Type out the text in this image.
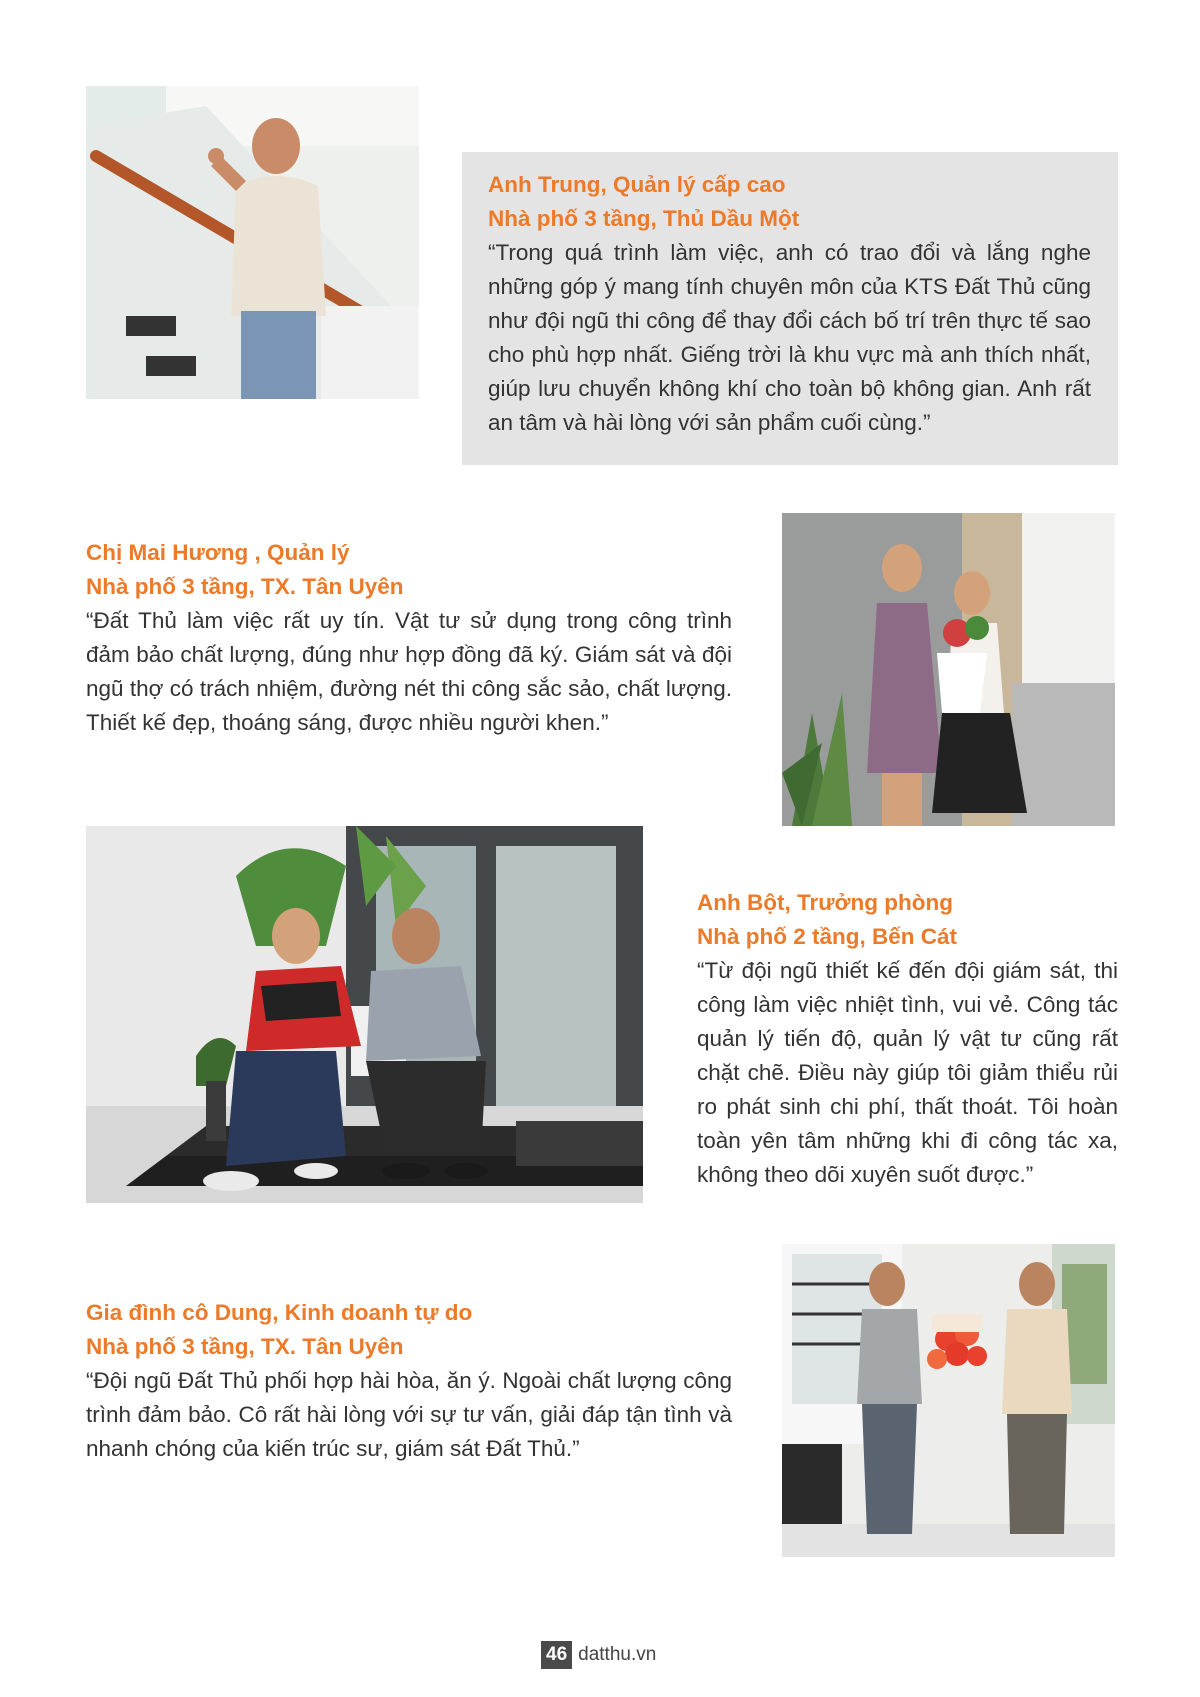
Anh Trung, Quản lý cấp cao
Nhà phố 3 tầng, Thủ Dầu Một
“Trong quá trình làm việc, anh có trao đổi và lắng nghe những góp ý mang tính chuyên môn của KTS Đất Thủ cũng như đội ngũ thi công để thay đổi cách bố trí trên thực tế sao cho phù hợp nhất. Giếng trời là khu vực mà anh thích nhất, giúp lưu chuyển không khí cho toàn bộ không gian. Anh rất an tâm và hài lòng với sản phẩm cuối cùng.”
Chị Mai Hương , Quản lý
Nhà phố 3 tầng, TX. Tân Uyên
“Đất Thủ làm việc rất uy tín. Vật tư sử dụng trong công trình đảm bảo chất lượng, đúng như hợp đồng đã ký. Giám sát và đội ngũ thợ có trách nhiệm, đường nét thi công sắc sảo, chất lượng. Thiết kế đẹp, thoáng sáng, được nhiều người khen.”
Anh Bột, Trưởng phòng
Nhà phố 2 tầng, Bến Cát
“Từ đội ngũ thiết kế đến đội giám sát, thi công làm việc nhiệt tình, vui vẻ. Công tác quản lý tiến độ, quản lý vật tư cũng rất chặt chẽ. Điều này giúp tôi giảm thiểu rủi ro phát sinh chi phí, thất thoát. Tôi hoàn toàn yên tâm những khi đi công tác xa, không theo dõi xuyên suốt được.”
Gia đình cô Dung, Kinh doanh tự do
Nhà phố 3 tầng, TX. Tân Uyên
“Đội ngũ Đất Thủ phối hợp hài hòa, ăn ý. Ngoài chất lượng công trình đảm bảo. Cô rất hài lòng với sự tư vấn, giải đáp tận tình và nhanh chóng của kiến trúc sư, giám sát Đất Thủ.”
46 datthu.vn
